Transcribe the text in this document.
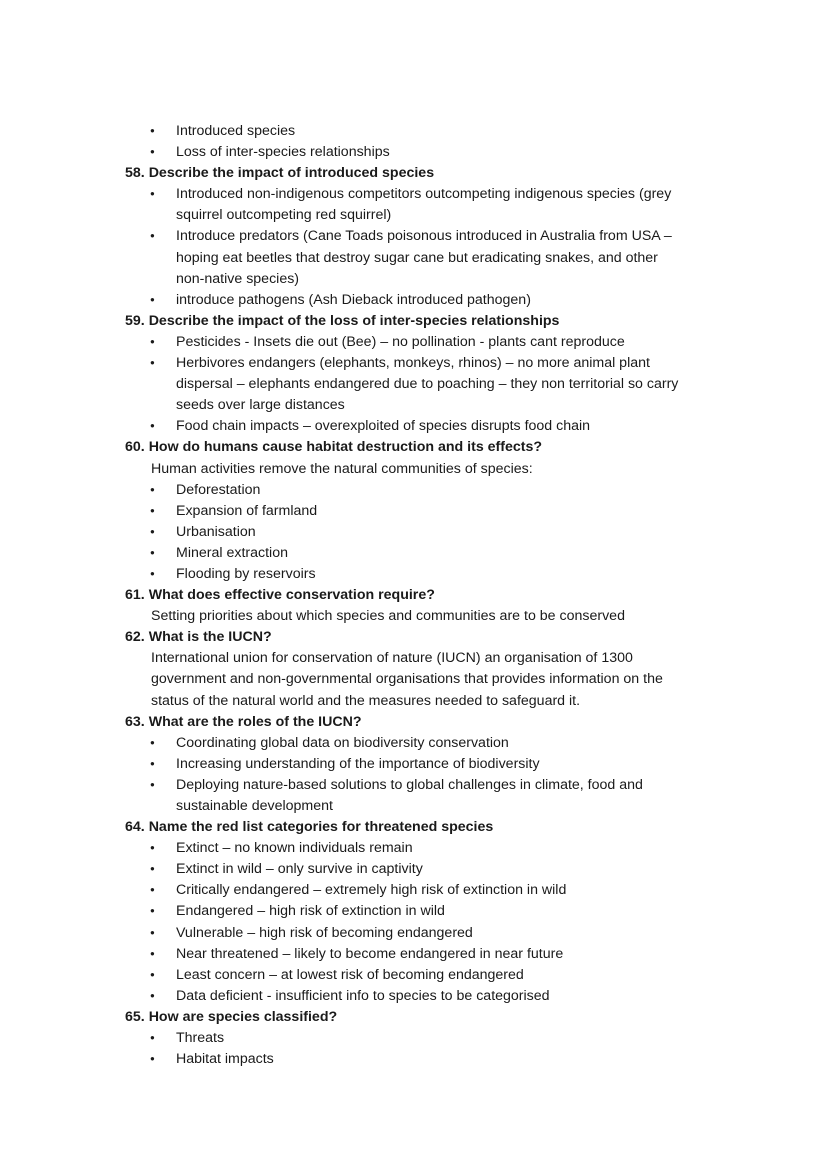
●
Introduced species
●
Loss of inter-species relationships
58. Describe the impact of introduced species
●
Introduced non-indigenous competitors outcompeting indigenous species (grey
squirrel outcompeting red squirrel)
●
Introduce predators (Cane Toads poisonous introduced in Australia from USA –
hoping eat beetles that destroy sugar cane but eradicating snakes, and other
non-native species)
●
introduce pathogens (Ash Dieback introduced pathogen)
59. Describe the impact of the loss of inter-species relationships
●
Pesticides - Insets die out (Bee) – no pollination - plants cant reproduce
●
Herbivores endangers (elephants, monkeys, rhinos) – no more animal plant
dispersal – elephants endangered due to poaching – they non territorial so carry
seeds over large distances
●
Food chain impacts – overexploited of species disrupts food chain
60. How do humans cause habitat destruction and its effects?
Human activities remove the natural communities of species:
●
Deforestation
●
Expansion of farmland
●
Urbanisation
●
Mineral extraction
●
Flooding by reservoirs
61. What does effective conservation require?
Setting priorities about which species and communities are to be conserved
62. What is the IUCN?
International union for conservation of nature (IUCN) an organisation of 1300
government and non-governmental organisations that provides information on the
status of the natural world and the measures needed to safeguard it.
63. What are the roles of the IUCN?
●
Coordinating global data on biodiversity conservation
●
Increasing understanding of the importance of biodiversity
●
Deploying nature-based solutions to global challenges in climate, food and
sustainable development
64. Name the red list categories for threatened species
●
Extinct – no known individuals remain
●
Extinct in wild – only survive in captivity
●
Critically endangered – extremely high risk of extinction in wild
●
Endangered – high risk of extinction in wild
●
Vulnerable – high risk of becoming endangered
●
Near threatened – likely to become endangered in near future
●
Least concern – at lowest risk of becoming endangered
●
Data deficient - insufficient info to species to be categorised
65. How are species classified?
●
Threats
●
Habitat impacts
